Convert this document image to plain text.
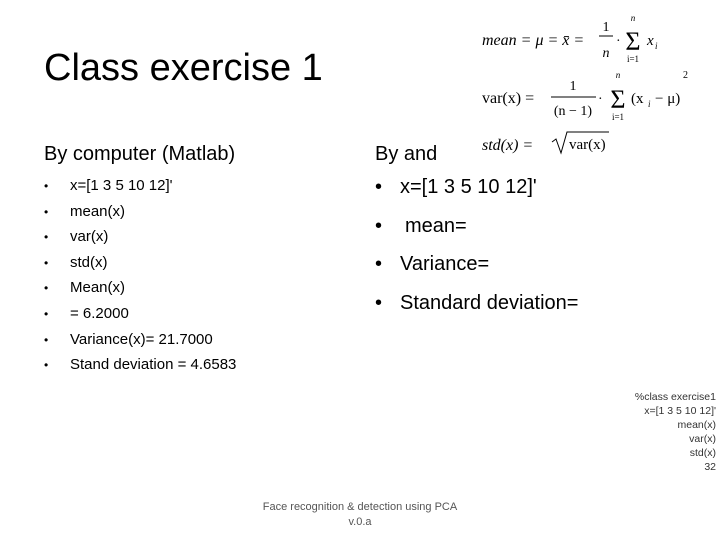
Class exercise 1
mean = μ = x̄ =
1
n
·
n
Σ
i=1
x i
var(x) =
1
(n − 1)
·
n
Σ
i=1
(x i − μ)
2
std(x) = var(x)
By computer (Matlab)	By and
• x=[1 3 5 10 12]'
• mean(x)
• var(x)
• std(x)
• Mean(x)
• = 6.2000
• Variance(x)= 21.7000
• Stand deviation = 4.6583
• x=[1 3 5 10 12]'
• mean=
• Variance=
• Standard deviation=
%class exercise1
x=[1 3 5 10 12]'
mean(x)
var(x)
std(x)
32
Face recognition & detection using PCA
v.0.a
